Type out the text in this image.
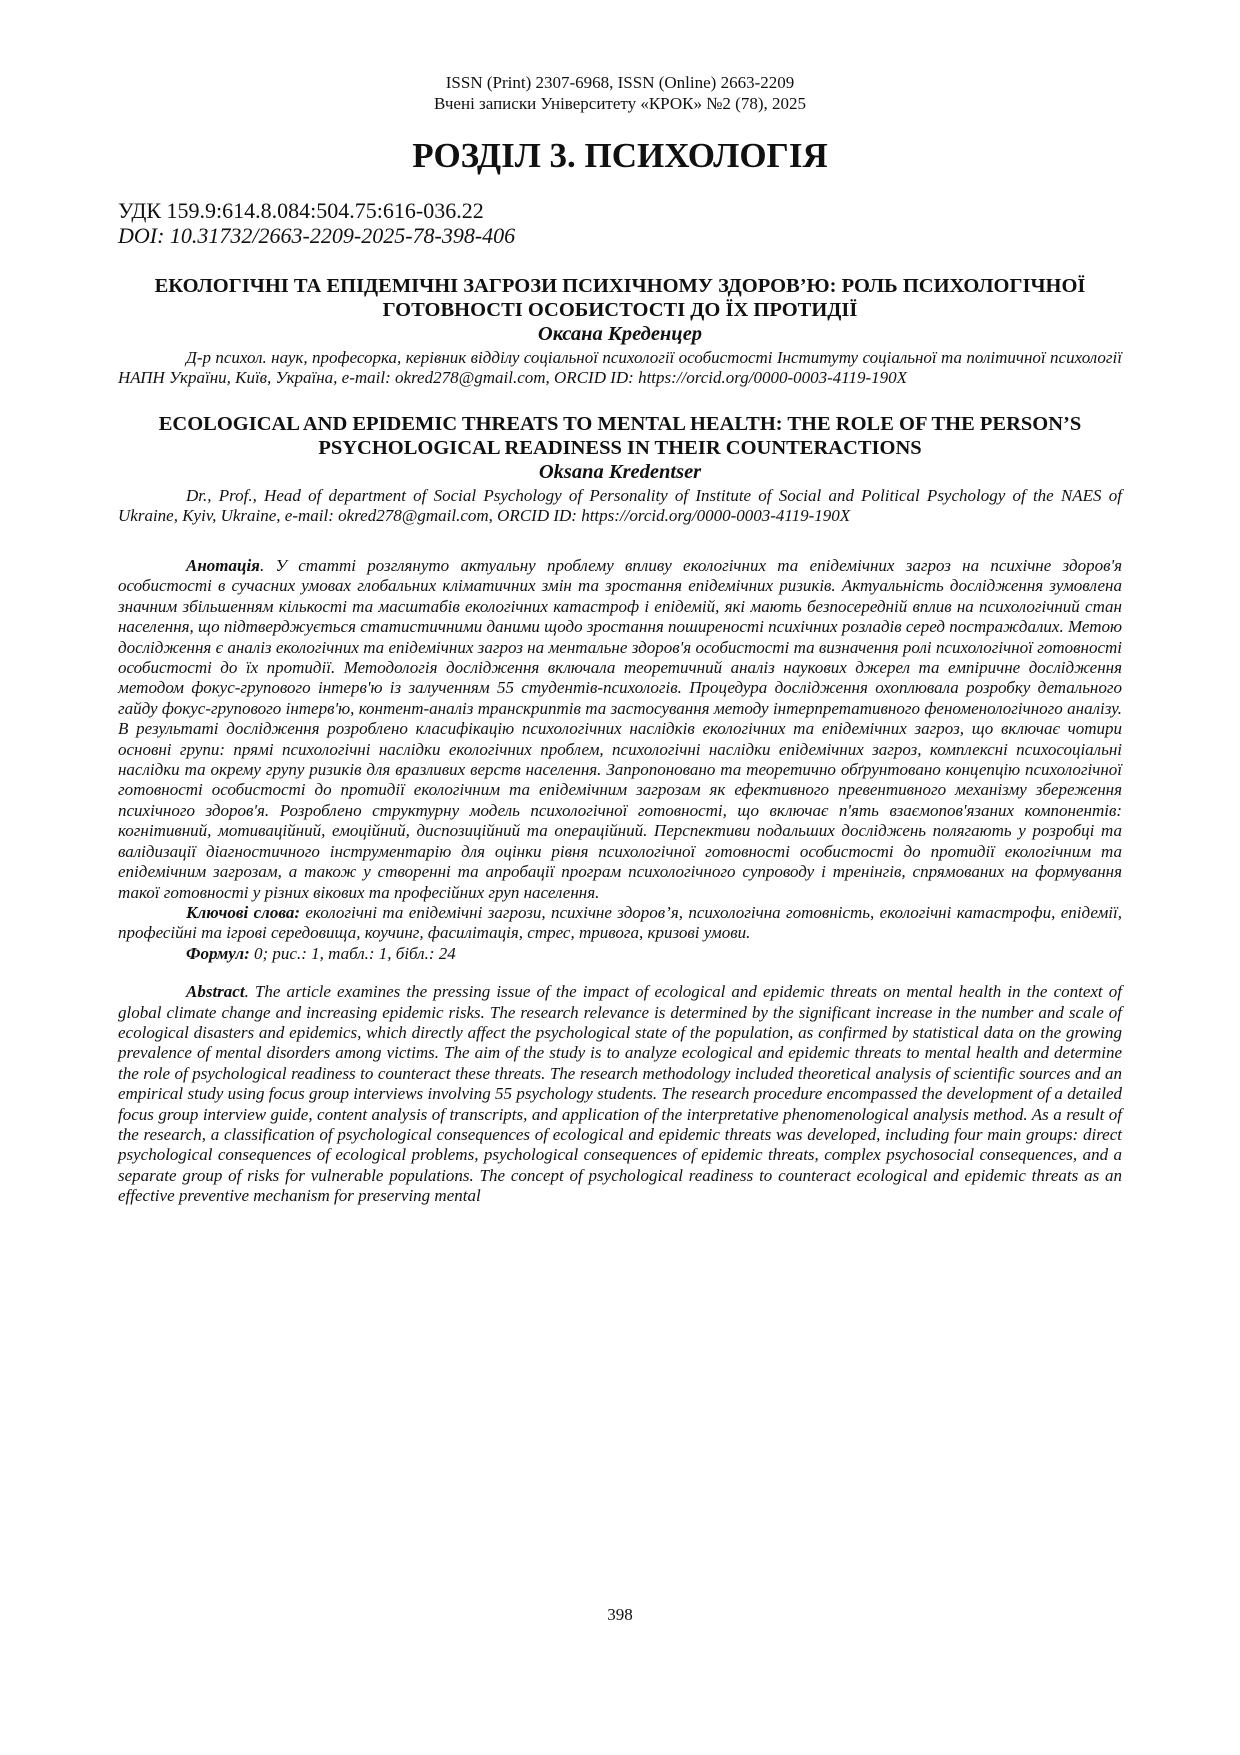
ISSN (Print) 2307-6968, ISSN (Online) 2663-2209
Вчені записки Університету «КРОК» №2 (78), 2025
РОЗДІЛ 3. ПСИХОЛОГІЯ
УДК 159.9:614.8.084:504.75:616-036.22
DOI: 10.31732/2663-2209-2025-78-398-406
ЕКОЛОГІЧНІ ТА ЕПІДЕМІЧНІ ЗАГРОЗИ ПСИХІЧНОМУ ЗДОРОВ’Ю: РОЛЬ ПСИХОЛОГІЧНОЇ ГОТОВНОСТІ ОСОБИСТОСТІ ДО ЇХ ПРОТИДІЇ
Оксана Креденцер
Д-р психол. наук, професорка, керівник відділу соціальної психології особистості Інституту соціальної та політичної психології НАПН України, Київ, Україна, e-mail: okred278@gmail.com, ORCID ID: https://orcid.org/0000-0003-4119-190X
ECOLOGICAL AND EPIDEMIC THREATS TO MENTAL HEALTH: THE ROLE OF THE PERSON’S PSYCHOLOGICAL READINESS IN THEIR COUNTERACTIONS
Oksana Kredentser
Dr., Prof., Head of department of Social Psychology of Personality of Institute of Social and Political Psychology of the NAES of Ukraine, Kyiv, Ukraine, e-mail: okred278@gmail.com, ORCID ID: https://orcid.org/0000-0003-4119-190X

Анотація. У статті розглянуто актуальну проблему впливу екологічних та епідемічних загроз на психічне здоров'я особистості в сучасних умовах глобальних кліматичних змін та зростання епідемічних ризиків. Актуальність дослідження зумовлена значним збільшенням кількості та масштабів екологічних катастроф і епідемій, які мають безпосередній вплив на психологічний стан населення, що підтверджується статистичними даними щодо зростання поширеності психічних розладів серед постраждалих. Метою дослідження є аналіз екологічних та епідемічних загроз на ментальне здоров'я особистості та визначення ролі психологічної готовності особистості до їх протидії. Методологія дослідження включала теоретичний аналіз наукових джерел та емпіричне дослідження методом фокус-групового інтерв'ю із залученням 55 студентів-психологів. Процедура дослідження охоплювала розробку детального гайду фокус-групового інтерв'ю, контент-аналіз транскриптів та застосування методу інтерпретативного феноменологічного аналізу. В результаті дослідження розроблено класифікацію психологічних наслідків екологічних та епідемічних загроз, що включає чотири основні групи: прямі психологічні наслідки екологічних проблем, психологічні наслідки епідемічних загроз, комплексні психосоціальні наслідки та окрему групу ризиків для вразливих верств населення. Запропоновано та теоретично обґрунтовано концепцію психологічної готовності особистості до протидії екологічним та епідемічним загрозам як ефективного превентивного механізму збереження психічного здоров'я. Розроблено структурну модель психологічної готовності, що включає п'ять взаємопов'язаних компонентів: когнітивний, мотиваційний, емоційний, диспозиційний та операційний. Перспективи подальших досліджень полягають у розробці та валідизації діагностичного інструментарію для оцінки рівня психологічної готовності особистості до протидії екологічним та епідемічним загрозам, а також у створенні та апробації програм психологічного супроводу і тренінгів, спрямованих на формування такої готовності у різних вікових та професійних груп населення.

Ключові слова: екологічні та епідемічні загрози, психічне здоров’я, психологічна готовність, екологічні катастрофи, епідемії, професійні та ігрові середовища, коучинг, фасилітація, стрес, тривога, кризові умови.

Формул: 0; рис.: 1, табл.: 1, бібл.: 24

Abstract. The article examines the pressing issue of the impact of ecological and epidemic threats on mental health in the context of global climate change and increasing epidemic risks. The research relevance is determined by the significant increase in the number and scale of ecological disasters and epidemics, which directly affect the psychological state of the population, as confirmed by statistical data on the growing prevalence of mental disorders among victims. The aim of the study is to analyze ecological and epidemic threats to mental health and determine the role of psychological readiness to counteract these threats. The research methodology included theoretical analysis of scientific sources and an empirical study using focus group interviews involving 55 psychology students. The research procedure encompassed the development of a detailed focus group interview guide, content analysis of transcripts, and application of the interpretative phenomenological analysis method. As a result of the research, a classification of psychological consequences of ecological and epidemic threats was developed, including four main groups: direct psychological consequences of ecological problems, psychological consequences of epidemic threats, complex psychosocial consequences, and a separate group of risks for vulnerable populations. The concept of psychological readiness to counteract ecological and epidemic threats as an effective preventive mechanism for preserving mental

398
